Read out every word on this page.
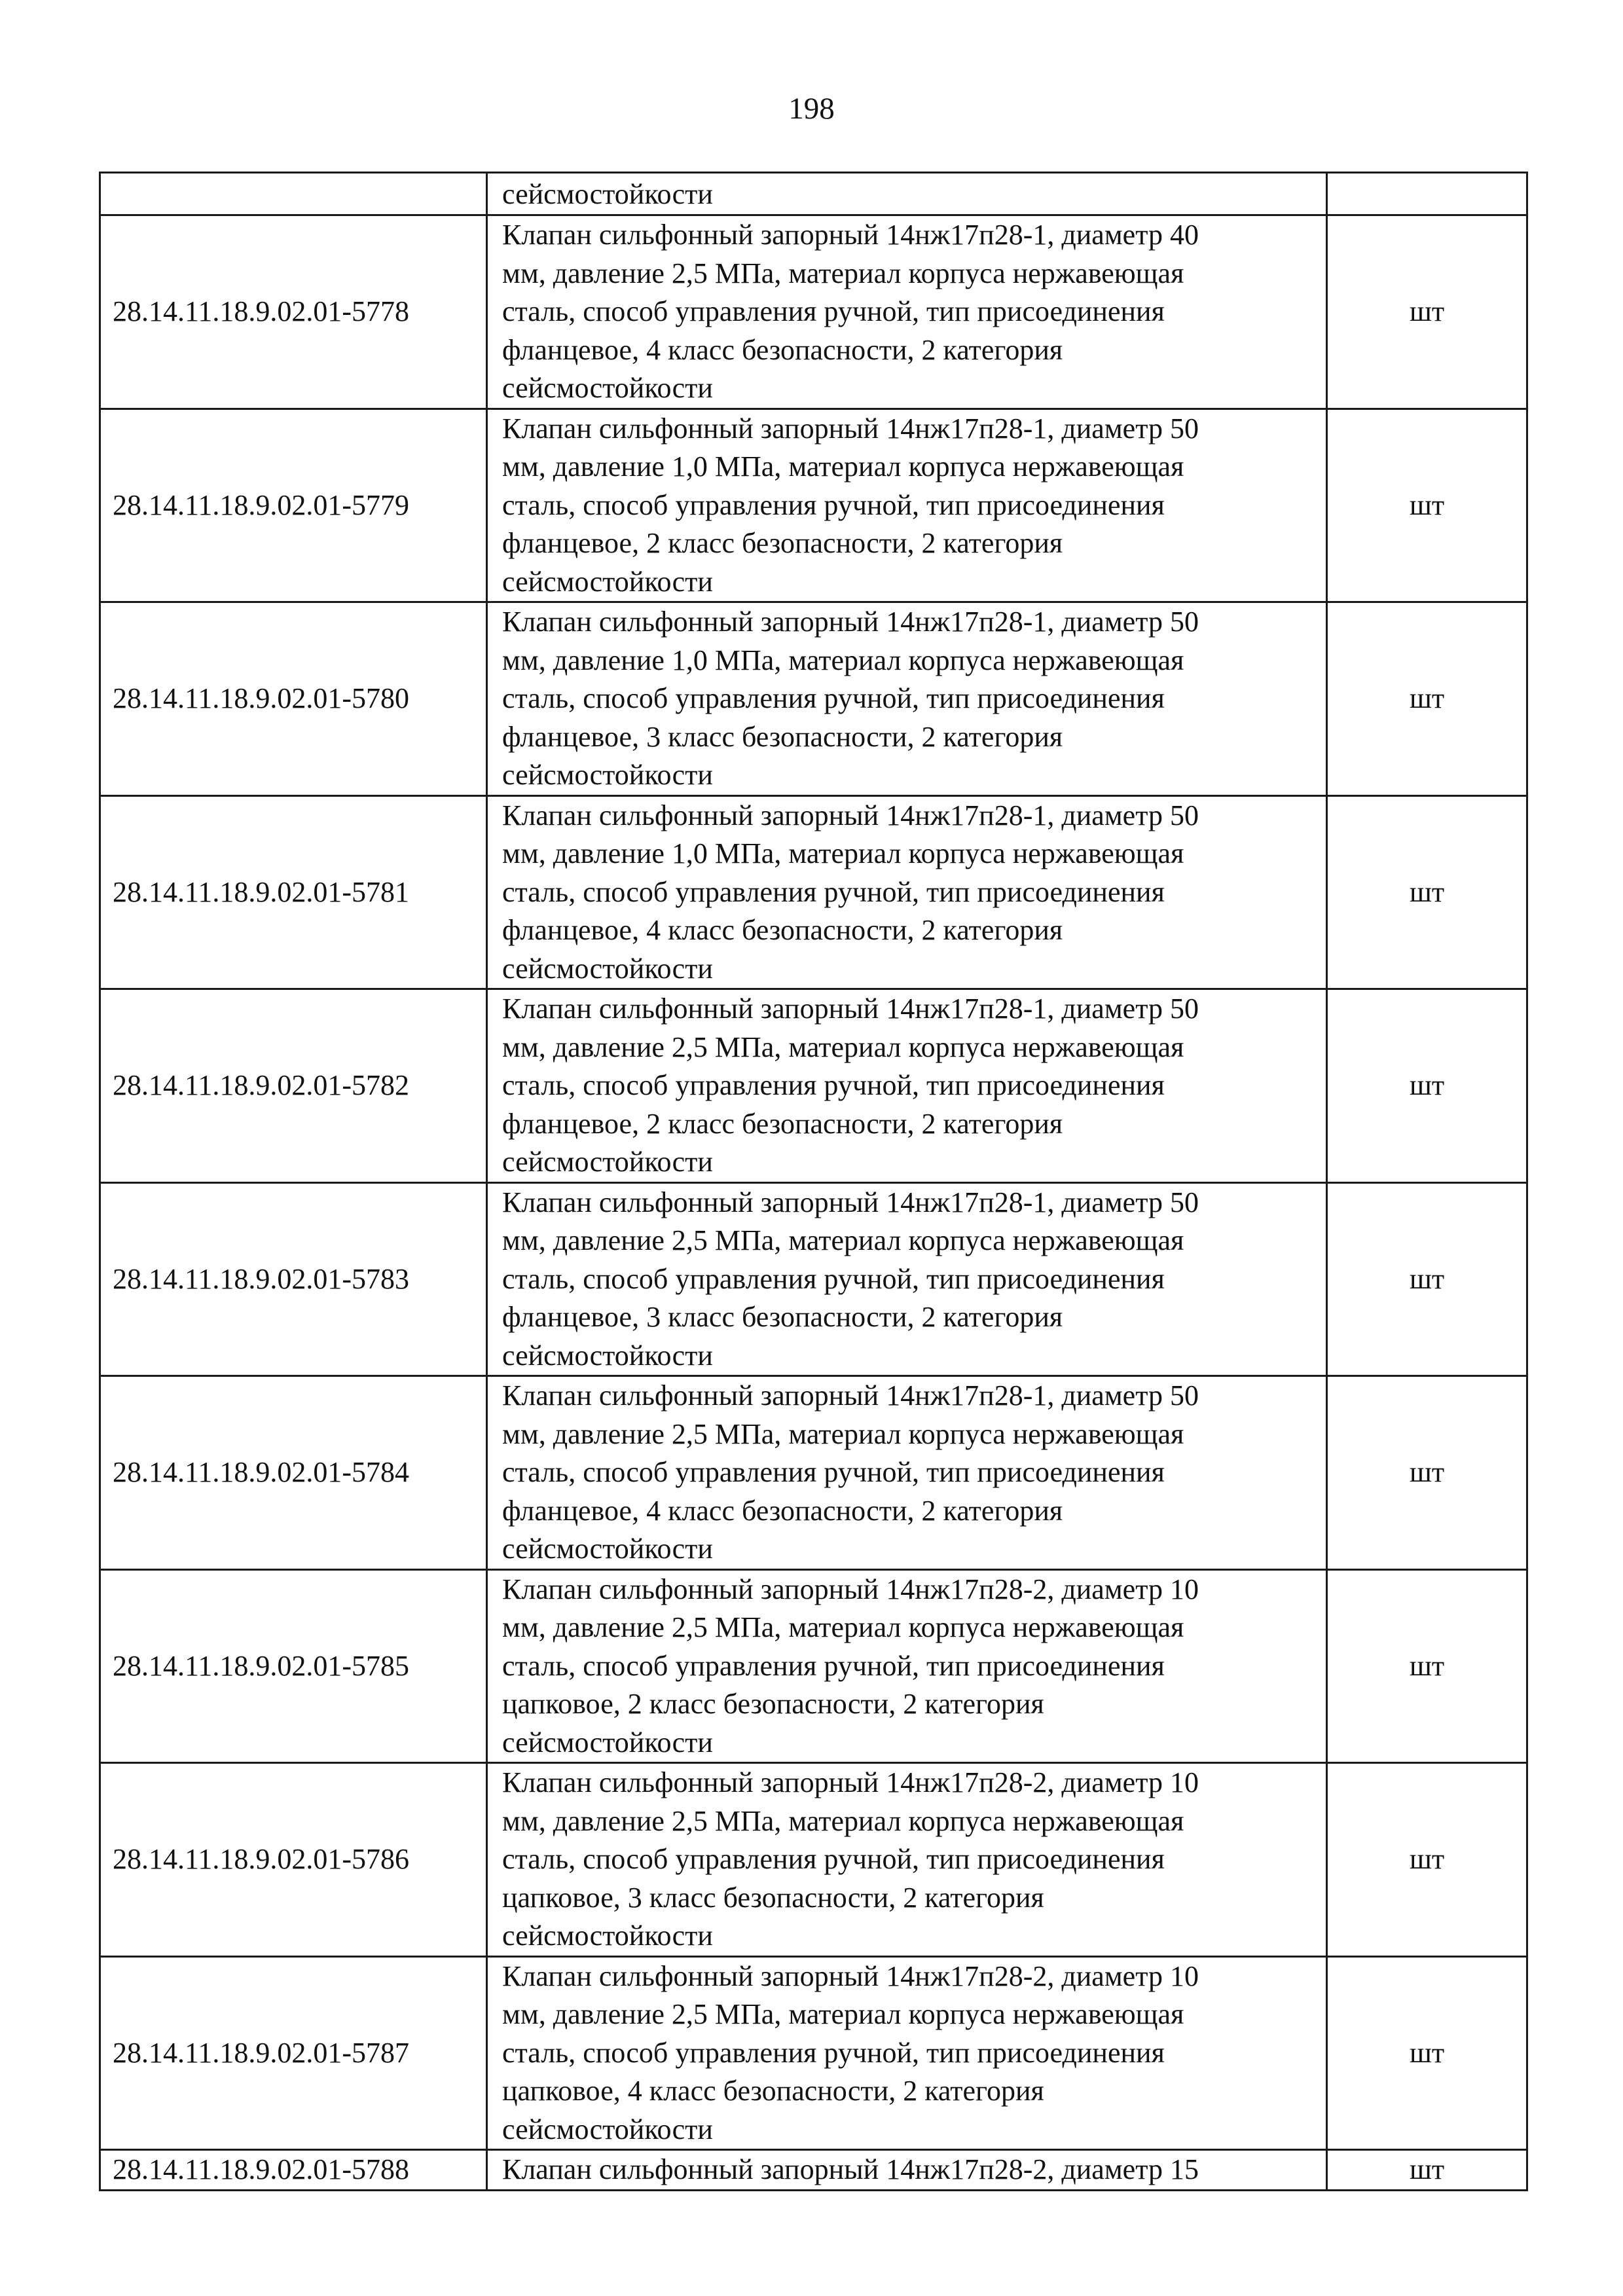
198

	сейсмостойкости	

28.14.11.18.9.02.01-5778	Клапан сильфонный запорный 14нж17п28-1, диаметр 40
мм, давление 2,5 МПа, материал корпуса нержавеющая
сталь, способ управления ручной, тип присоединения
фланцевое, 4 класс безопасности, 2 категория
сейсмостойкости	шт
28.14.11.18.9.02.01-5779	Клапан сильфонный запорный 14нж17п28-1, диаметр 50
мм, давление 1,0 МПа, материал корпуса нержавеющая
сталь, способ управления ручной, тип присоединения
фланцевое, 2 класс безопасности, 2 категория
сейсмостойкости	шт
28.14.11.18.9.02.01-5780	Клапан сильфонный запорный 14нж17п28-1, диаметр 50
мм, давление 1,0 МПа, материал корпуса нержавеющая
сталь, способ управления ручной, тип присоединения
фланцевое, 3 класс безопасности, 2 категория
сейсмостойкости	шт
28.14.11.18.9.02.01-5781	Клапан сильфонный запорный 14нж17п28-1, диаметр 50
мм, давление 1,0 МПа, материал корпуса нержавеющая
сталь, способ управления ручной, тип присоединения
фланцевое, 4 класс безопасности, 2 категория
сейсмостойкости	шт
28.14.11.18.9.02.01-5782	Клапан сильфонный запорный 14нж17п28-1, диаметр 50
мм, давление 2,5 МПа, материал корпуса нержавеющая
сталь, способ управления ручной, тип присоединения
фланцевое, 2 класс безопасности, 2 категория
сейсмостойкости	шт
28.14.11.18.9.02.01-5783	Клапан сильфонный запорный 14нж17п28-1, диаметр 50
мм, давление 2,5 МПа, материал корпуса нержавеющая
сталь, способ управления ручной, тип присоединения
фланцевое, 3 класс безопасности, 2 категория
сейсмостойкости	шт
28.14.11.18.9.02.01-5784	Клапан сильфонный запорный 14нж17п28-1, диаметр 50
мм, давление 2,5 МПа, материал корпуса нержавеющая
сталь, способ управления ручной, тип присоединения
фланцевое, 4 класс безопасности, 2 категория
сейсмостойкости	шт
28.14.11.18.9.02.01-5785	Клапан сильфонный запорный 14нж17п28-2, диаметр 10
мм, давление 2,5 МПа, материал корпуса нержавеющая
сталь, способ управления ручной, тип присоединения
цапковое, 2 класс безопасности, 2 категория
сейсмостойкости	шт
28.14.11.18.9.02.01-5786	Клапан сильфонный запорный 14нж17п28-2, диаметр 10
мм, давление 2,5 МПа, материал корпуса нержавеющая
сталь, способ управления ручной, тип присоединения
цапковое, 3 класс безопасности, 2 категория
сейсмостойкости	шт
28.14.11.18.9.02.01-5787	Клапан сильфонный запорный 14нж17п28-2, диаметр 10
мм, давление 2,5 МПа, материал корпуса нержавеющая
сталь, способ управления ручной, тип присоединения
цапковое, 4 класс безопасности, 2 категория
сейсмостойкости	шт
28.14.11.18.9.02.01-5788	Клапан сильфонный запорный 14нж17п28-2, диаметр 15	шт
